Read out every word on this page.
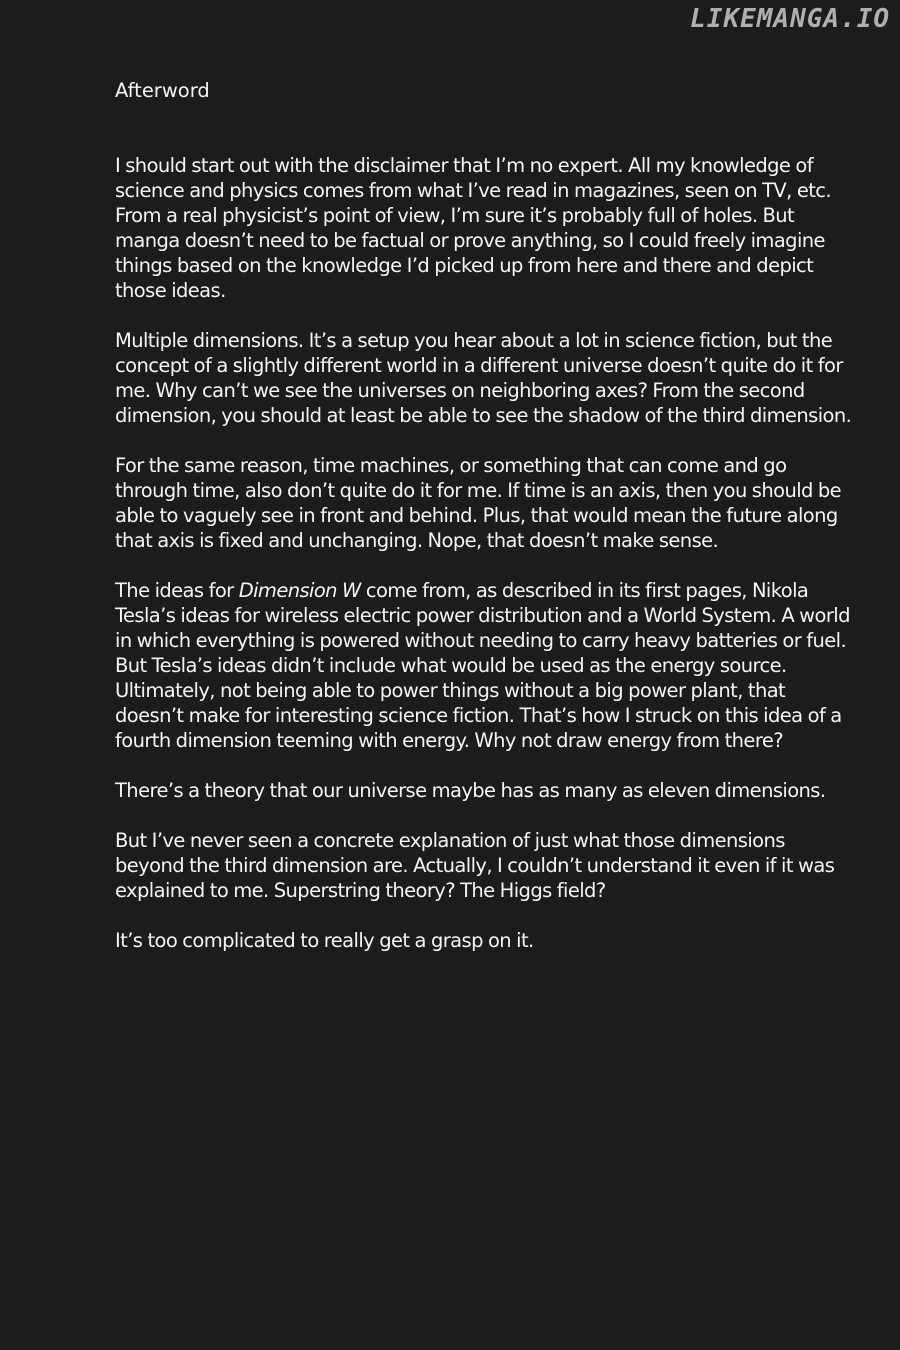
LIKEMANGA.IO
Afterword

I should start out with the disclaimer that I’m no expert. All my knowledge of science and physics comes from what I’ve read in magazines, seen on TV, etc. From a real physicist’s point of view, I’m sure it’s probably full of holes. But manga doesn’t need to be factual or prove anything, so I could freely imagine things based on the knowledge I’d picked up from here and there and depict those ideas.

Multiple dimensions. It’s a setup you hear about a lot in science fiction, but the concept of a slightly different world in a different universe doesn’t quite do it for me. Why can’t we see the universes on neighboring axes? From the second dimension, you should at least be able to see the shadow of the third dimension.

For the same reason, time machines, or something that can come and go through time, also don’t quite do it for me. If time is an axis, then you should be able to vaguely see in front and behind. Plus, that would mean the future along that axis is fixed and unchanging. Nope, that doesn’t make sense.

The ideas for Dimension W come from, as described in its first pages, Nikola Tesla’s ideas for wireless electric power distribution and a World System. A world in which everything is powered without needing to carry heavy batteries or fuel. But Tesla’s ideas didn’t include what would be used as the energy source. Ultimately, not being able to power things without a big power plant, that doesn’t make for interesting science fiction. That’s how I struck on this idea of a fourth dimension teeming with energy. Why not draw energy from there?

There’s a theory that our universe maybe has as many as eleven dimensions.

But I’ve never seen a concrete explanation of just what those dimensions beyond the third dimension are. Actually, I couldn’t understand it even if it was explained to me. Superstring theory? The Higgs field?

It’s too complicated to really get a grasp on it.
